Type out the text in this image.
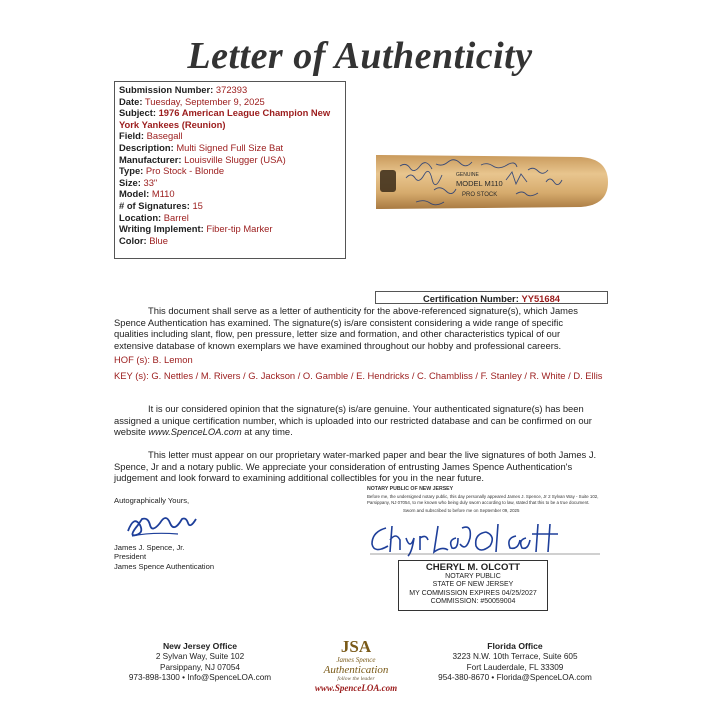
Letter of Authenticity
Submission Number: 372393
Date: Tuesday, September 9, 2025
Subject: 1976 American League Champion New York Yankees (Reunion)
Field: Basegall
Description: Multi Signed Full Size Bat
Manufacturer: Louisville Slugger (USA)
Type: Pro Stock - Blonde
Size: 33"
Model: M110
# of Signatures: 15
Location: Barrel
Writing Implement: Fiber-tip Marker
Color: Blue
GENUINE
MODEL M110
PRO STOCK
Certification Number: YY51684
This document shall serve as a letter of authenticity for the above-referenced signature(s), which James Spence Authentication has examined. The signature(s) is/are consistent considering a wide range of specific qualities including slant, flow, pen pressure, letter size and formation, and other characteristics typical of our extensive database of known exemplars we have examined throughout our hobby and professional careers.
HOF (s): B. Lemon
KEY (s): G. Nettles / M. Rivers / G. Jackson / O. Gamble / E. Hendricks / C. Chambliss / F. Stanley / R. White / D. Ellis
It is our considered opinion that the signature(s) is/are genuine. Your authenticated signature(s) has been assigned a unique certification number, which is uploaded into our restricted database and can be confirmed on our website www.SpenceLOA.com at any time.
This letter must appear on our proprietary water-marked paper and bear the live signatures of both James J. Spence, Jr and a notary public. We appreciate your consideration of entrusting James Spence Authentication's judgement and look forward to examining additional collectibles for you in the near future.
Autographically Yours,
James J. Spence, Jr.
President
James Spence Authentication
NOTARY PUBLIC OF NEW JERSEY
Before me, the undersigned notary public, this day personally appeared James J. Spence, Jr 2 Sylvan Way - Suite 102, Parsippany, NJ 07054, to me known who being duly sworn according to law, stated that this to be a true document.
Sworn and subscribed to before me on September 09, 2025
CHERYL M. OLCOTT
NOTARY PUBLIC
STATE OF NEW JERSEY
MY COMMISSION EXPIRES 04/25/2027
COMMISSION: #50059004
New Jersey Office
2 Sylvan Way, Suite 102
Parsippany, NJ 07054
973-898-1300 • Info@SpenceLOA.com
JSA
James Spence
Authentication
follow the leader
www.SpenceLOA.com
Florida Office
3223 N.W. 10th Terrace, Suite 605
Fort Lauderdale, FL 33309
954-380-8670 • Florida@SpenceLOA.com
